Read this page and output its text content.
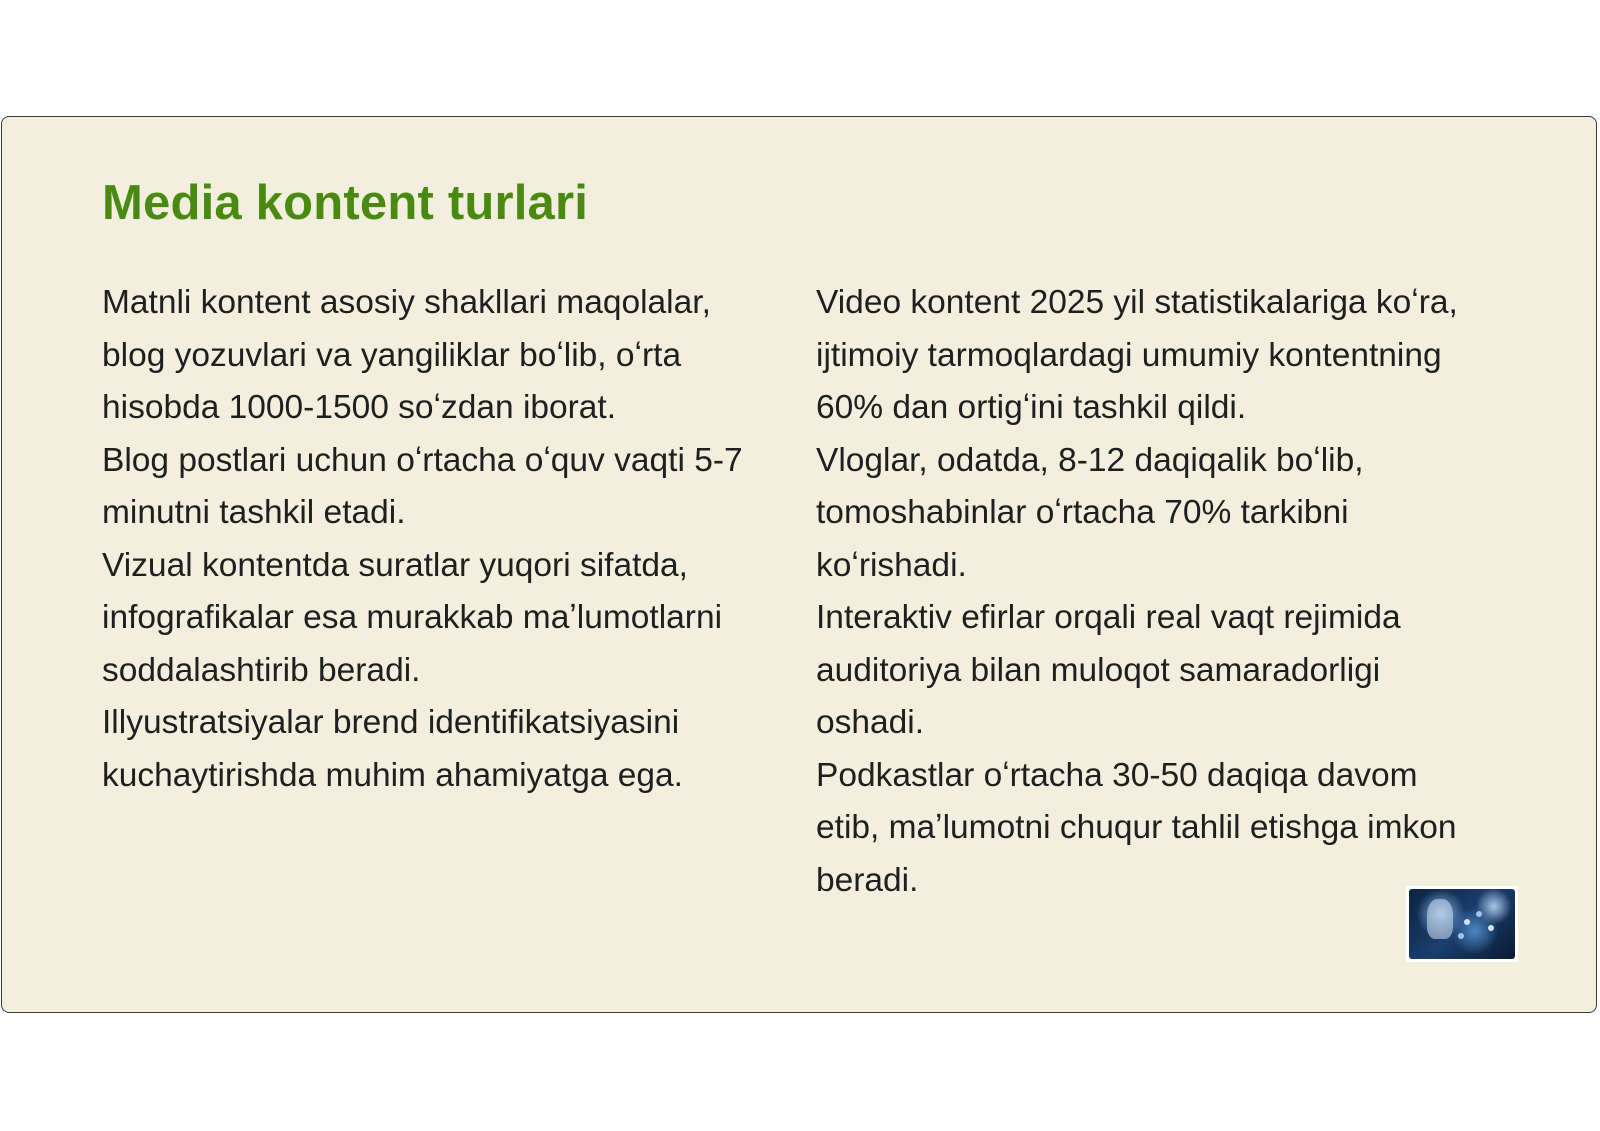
Media kontent turlari

Matnli kontent asosiy shakllari maqolalar, blog yozuvlari va yangiliklar boʻlib, oʻrta hisobda 1000-1500 soʻzdan iborat.

Blog postlari uchun oʻrtacha oʻquv vaqti 5-7 minutni tashkil etadi.

Vizual kontentda suratlar yuqori sifatda, infografikalar esa murakkab maʼlumotlarni soddalashtirib beradi.

Illyustratsiyalar brend identifikatsiyasini kuchaytirishda muhim ahamiyatga ega.

Video kontent 2025 yil statistikalariga koʻra, ijtimoiy tarmoqlardagi umumiy kontentning 60% dan ortigʻini tashkil qildi.

Vloglar, odatda, 8-12 daqiqalik boʻlib, tomoshabinlar oʻrtacha 70% tarkibni koʻrishadi.

Interaktiv efirlar orqali real vaqt rejimida auditoriya bilan muloqot samaradorligi oshadi.

Podkastlar oʻrtacha 30-50 daqiqa davom etib, maʼlumotni chuqur tahlil etishga imkon beradi.
